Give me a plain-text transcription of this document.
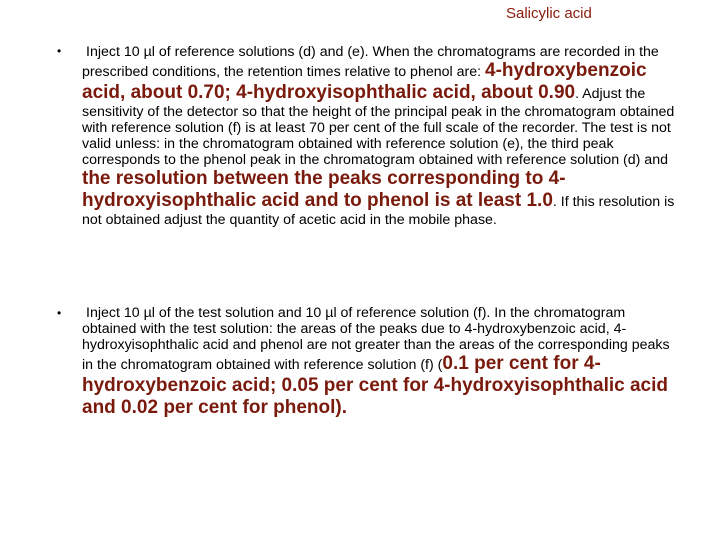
Salicylic acid
• Inject 10 µl of reference solutions (d) and (e). When the chromatograms are recorded in the prescribed conditions, the retention times relative to phenol are: 4-hydroxybenzoic acid, about 0.70; 4-hydroxyisophthalic acid, about 0.90. Adjust the sensitivity of the detector so that the height of the principal peak in the chromatogram obtained with reference solution (f) is at least 70 per cent of the full scale of the recorder. The test is not valid unless: in the chromatogram obtained with reference solution (e), the third peak corresponds to the phenol peak in the chromatogram obtained with reference solution (d) and the resolution between the peaks corresponding to 4- hydroxyisophthalic acid and to phenol is at least 1.0. If this resolution is not obtained adjust the quantity of acetic acid in the mobile phase.
• Inject 10 µl of the test solution and 10 µl of reference solution (f). In the chromatogram obtained with the test solution: the areas of the peaks due to 4-hydroxybenzoic acid, 4-hydroxyisophthalic acid and phenol are not greater than the areas of the corresponding peaks in the chromatogram obtained with reference solution (f) (0.1 per cent for 4-hydroxybenzoic acid; 0.05 per cent for 4-hydroxyisophthalic acid and 0.02 per cent for phenol).
